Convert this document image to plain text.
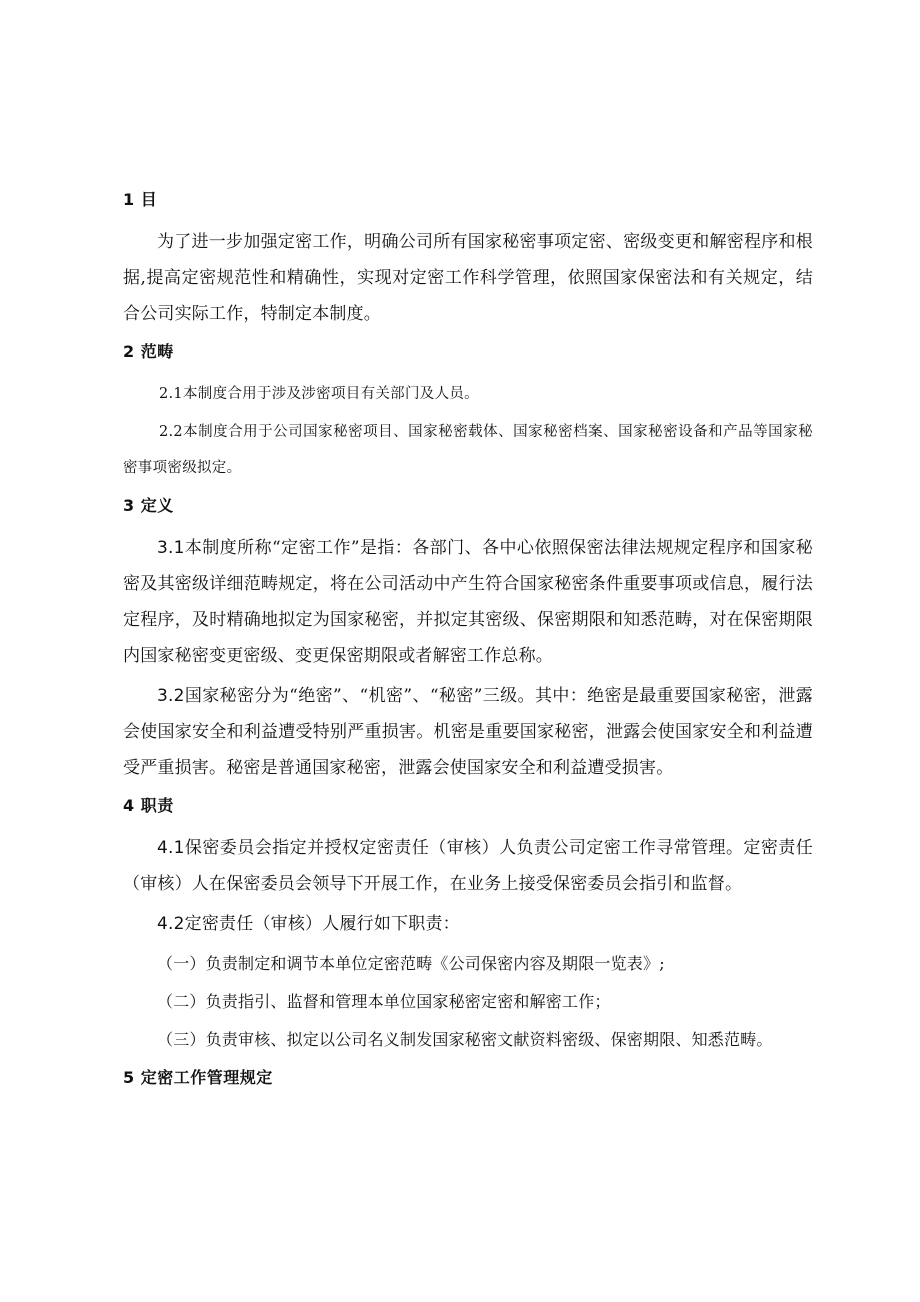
1 目

为了进一步加强定密工作，明确公司所有国家秘密事项定密、密级变更和解密程序和根据,提高定密规范性和精确性，实现对定密工作科学管理，依照国家保密法和有关规定，结合公司实际工作，特制定本制度。

2 范畴

2.1本制度合用于涉及涉密项目有关部门及人员。

2.2本制度合用于公司国家秘密项目、国家秘密载体、国家秘密档案、国家秘密设备和产品等国家秘密事项密级拟定。

3 定义

3.1本制度所称“定密工作”是指：各部门、各中心依照保密法律法规规定程序和国家秘密及其密级详细范畴规定，将在公司活动中产生符合国家秘密条件重要事项或信息，履行法定程序，及时精确地拟定为国家秘密，并拟定其密级、保密期限和知悉范畴，对在保密期限内国家秘密变更密级、变更保密期限或者解密工作总称。

3.2国家秘密分为“绝密”、“机密”、“秘密”三级。其中：绝密是最重要国家秘密，泄露会使国家安全和利益遭受特别严重损害。机密是重要国家秘密，泄露会使国家安全和利益遭受严重损害。秘密是普通国家秘密，泄露会使国家安全和利益遭受损害。

4 职责

4.1保密委员会指定并授权定密责任（审核）人负责公司定密工作寻常管理。定密责任（审核）人在保密委员会领导下开展工作，在业务上接受保密委员会指引和监督。

4.2定密责任（审核）人履行如下职责：

（一）负责制定和调节本单位定密范畴《公司保密内容及期限一览表》;

（二）负责指引、监督和管理本单位国家秘密定密和解密工作；

（三）负责审核、拟定以公司名义制发国家秘密文献资料密级、保密期限、知悉范畴。

5 定密工作管理规定
